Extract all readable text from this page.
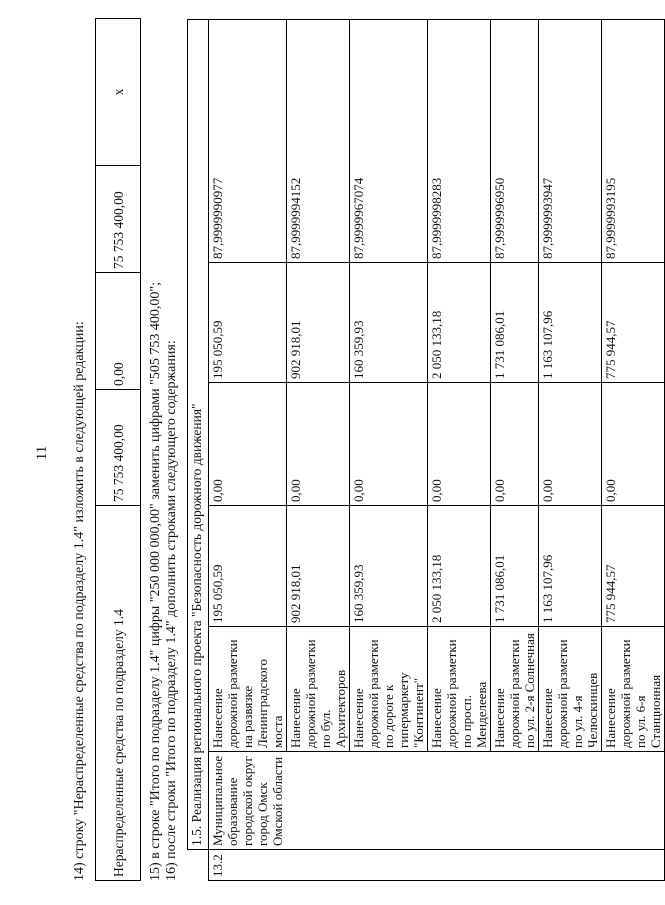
11 14) строку "Нераспределенные средства по подразделу 1.4" изложить в следующей редакции: Нераспределенные средства по подразделу 1.4	75 753 400,00	0,00	75 753 400,00	x
15) в строке "Итого по подразделу 1.4" цифры "250 000 000,00" заменить цифрами "505 753 400,00"; 16) после строки "Итого по подразделу 1.4" дополнить строками следующего содержания:
	1.5. Реализация регионального проекта "Безопасность дорожного движения"					
13.2	Муниципальное образование городской округ город Омск Омской области	Нанесение дорожной разметки на развязке Ленинградского моста	195 050,59	0,00	195 050,59	87,9999990977
		Нанесение дорожной разметки по бул. Архитекторов	902 918,01	0,00	902 918,01	87,9999994152
		Нанесение дорожной разметки по дороге к гипермаркету "Континент"	160 359,93	0,00	160 359,93	87,9999967074
		Нанесение дорожной разметки по просп. Менделеева	2 050 133,18	0,00	2 050 133,18	87,9999998283
		Нанесение дорожной разметки по ул. 2-я Солнечная	1 731 086,01	0,00	1 731 086,01	87,9999996950
		Нанесение дорожной разметки по ул. 4-я Челюскинцев	1 163 107,96	0,00	1 163 107,96	87,9999993947
		Нанесение дорожной разметки по ул. 6-я Станционная	775 944,57	0,00	775 944,57	87,9999993195
